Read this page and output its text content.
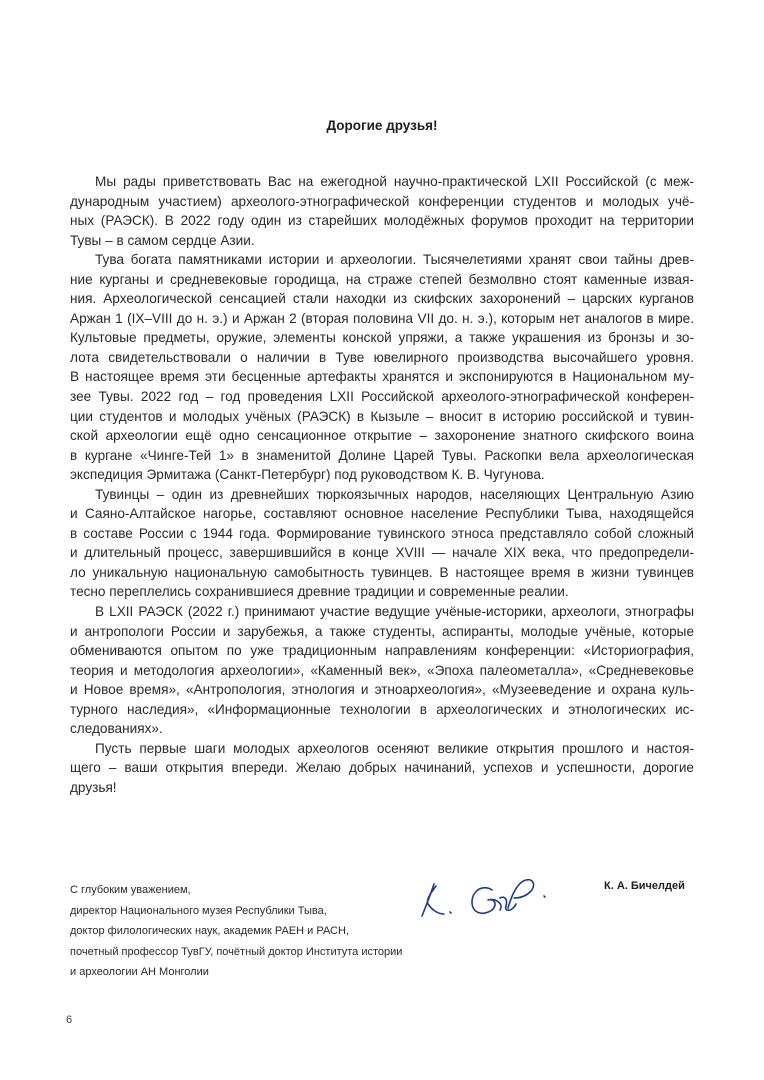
Дорогие друзья!
Мы рады приветствовать Вас на ежегодной научно-практической LXII Российской (с меж-
дународным участием) археолого-этнографической конференции студентов и молодых учё-
ных (РАЭСК). В 2022 году один из старейших молодёжных форумов проходит на территории
Тувы – в самом сердце Азии.
Тува богата памятниками истории и археологии. Тысячелетиями хранят свои тайны древ-
ние курганы и средневековые городища, на страже степей безмолвно стоят каменные извая-
ния. Археологической сенсацией стали находки из скифских захоронений – царских курганов
Аржан 1 (IX–VIII до н. э.) и Аржан 2 (вторая половина VII до. н. э.), которым нет аналогов в мире.
Культовые предметы, оружие, элементы конской упряжи, а также украшения из бронзы и зо-
лота свидетельствовали о наличии в Туве ювелирного производства высочайшего уровня.
В настоящее время эти бесценные артефакты хранятся и экспонируются в Национальном му-
зее Тувы. 2022 год – год проведения LXII Российской археолого-этнографической конферен-
ции студентов и молодых учёных (РАЭСК) в Кызыле – вносит в историю российской и тувин-
ской археологии ещё одно сенсационное открытие – захоронение знатного скифского воина
в кургане «Чинге-Тей 1» в знаменитой Долине Царей Тувы. Раскопки вела археологическая
экспедиция Эрмитажа (Санкт-Петербург) под руководством К. В. Чугунова.
Тувинцы – один из древнейших тюркоязычных народов, населяющих Центральную Азию
и Саяно-Алтайское нагорье, составляют основное население Республики Тыва, находящейся
в составе России с 1944 года. Формирование тувинского этноса представляло собой сложный
и длительный процесс, завершившийся в конце XVIII — начале XIX века, что предопредели-
ло уникальную национальную самобытность тувинцев. В настоящее время в жизни тувинцев
тесно переплелись сохранившиеся древние традиции и современные реалии.
В LXII РАЭСК (2022 г.) принимают участие ведущие учёные-историки, археологи, этнографы
и антропологи России и зарубежья, а также студенты, аспиранты, молодые учёные, которые
обмениваются опытом по уже традиционным направлениям конференции: «Историография,
теория и методология археологии», «Каменный век», «Эпоха палеометалла», «Средневековье
и Новое время», «Антропология, этнология и этноархеология», «Музееведение и охрана куль-
турного наследия», «Информационные технологии в археологических и этнологических ис-
следованиях».
Пусть первые шаги молодых археологов осеняют великие открытия прошлого и настоя-
щего – ваши открытия впереди. Желаю добрых начинаний, успехов и успешности, дорогие
друзья!
С глубоким уважением,
директор Национального музея Республики Тыва,
доктор филологических наук, академик РАЕН и РАСН,
почетный профессор ТувГУ, почётный доктор Института истории
и археологии АН Монголии
К. А. Бичелдей
6
